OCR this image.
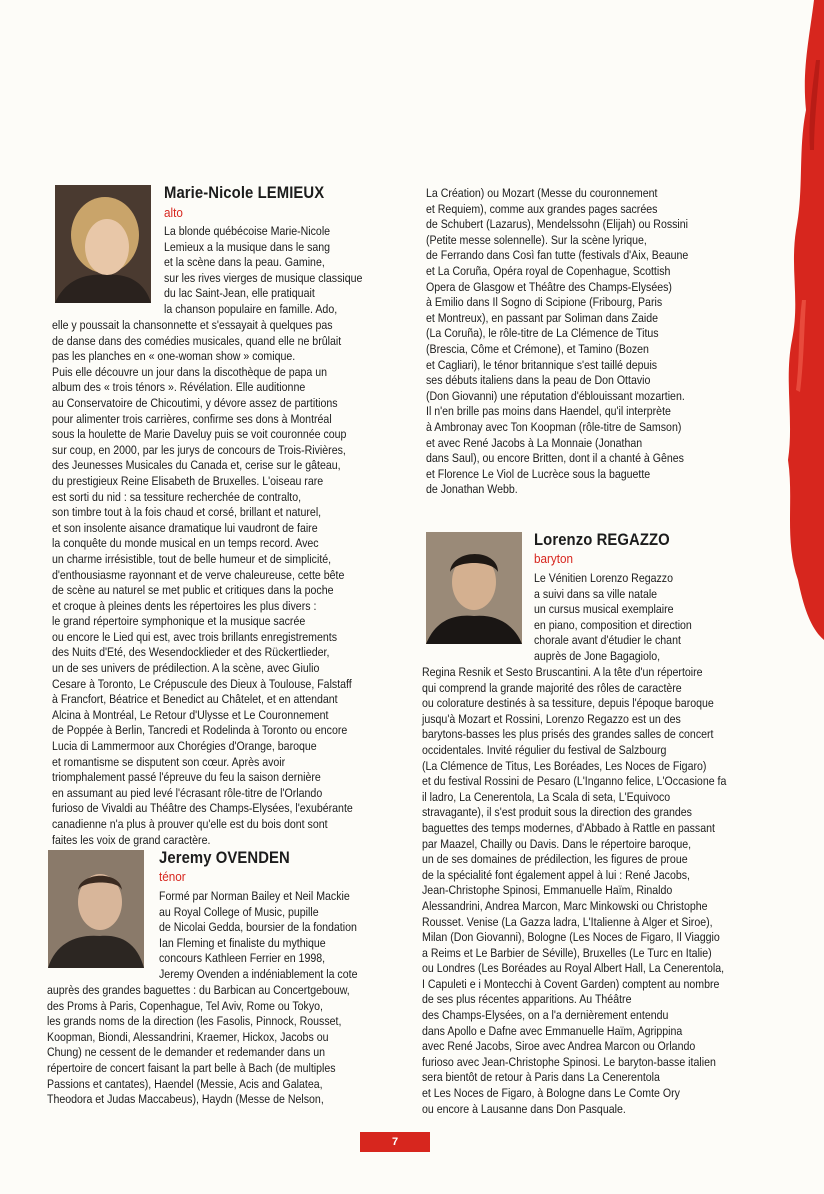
Marie-Nicole LEMIEUX
alto
La blonde québécoise Marie-Nicole
Lemieux a la musique dans le sang
et la scène dans la peau. Gamine,
sur les rives vierges de musique classique
du lac Saint-Jean, elle pratiquait
la chanson populaire en famille. Ado,
elle y poussait la chansonnette et s'essayait à quelques pas
de danse dans des comédies musicales, quand elle ne brûlait
pas les planches en « one-woman show » comique.
Puis elle découvre un jour dans la discothèque de papa un
album des « trois ténors ». Révélation. Elle auditionne
au Conservatoire de Chicoutimi, y dévore assez de partitions
pour alimenter trois carrières, confirme ses dons à Montréal
sous la houlette de Marie Daveluy puis se voit couronnée coup
sur coup, en 2000, par les jurys de concours de Trois-Rivières,
des Jeunesses Musicales du Canada et, cerise sur le gâteau,
du prestigieux Reine Elisabeth de Bruxelles. L'oiseau rare
est sorti du nid : sa tessiture recherchée de contralto,
son timbre tout à la fois chaud et corsé, brillant et naturel,
et son insolente aisance dramatique lui vaudront de faire
la conquête du monde musical en un temps record. Avec
un charme irrésistible, tout de belle humeur et de simplicité,
d'enthousiasme rayonnant et de verve chaleureuse, cette bête
de scène au naturel se met public et critiques dans la poche
et croque à pleines dents les répertoires les plus divers :
le grand répertoire symphonique et la musique sacrée
ou encore le Lied qui est, avec trois brillants enregistrements
des Nuits d'Eté, des Wesendocklieder et des Rückertlieder,
un de ses univers de prédilection. A la scène, avec Giulio
Cesare à Toronto, Le Crépuscule des Dieux à Toulouse, Falstaff
à Francfort, Béatrice et Benedict au Châtelet, et en attendant
Alcina à Montréal, Le Retour d'Ulysse et Le Couronnement
de Poppée à Berlin, Tancredi et Rodelinda à Toronto ou encore
Lucia di Lammermoor aux Chorégies d'Orange, baroque
et romantisme se disputent son cœur. Après avoir
triomphalement passé l'épreuve du feu la saison dernière
en assumant au pied levé l'écrasant rôle-titre de l'Orlando
furioso de Vivaldi au Théâtre des Champs-Elysées, l'exubérante
canadienne n'a plus à prouver qu'elle est du bois dont sont
faites les voix de grand caractère.
Jeremy OVENDEN
ténor
Formé par Norman Bailey et Neil Mackie
au Royal College of Music, pupille
de Nicolai Gedda, boursier de la fondation
Ian Fleming et finaliste du mythique
concours Kathleen Ferrier en 1998,
Jeremy Ovenden a indéniablement la cote
auprès des grandes baguettes : du Barbican au Concertgebouw,
des Proms à Paris, Copenhague, Tel Aviv, Rome ou Tokyo,
les grands noms de la direction (les Fasolis, Pinnock, Rousset,
Koopman, Biondi, Alessandrini, Kraemer, Hickox, Jacobs ou
Chung) ne cessent de le demander et redemander dans un
répertoire de concert faisant la part belle à Bach (de multiples
Passions et cantates), Haendel (Messie, Acis and Galatea,
Theodora et Judas Maccabeus), Haydn (Messe de Nelson,
La Création) ou Mozart (Messe du couronnement
et Requiem), comme aux grandes pages sacrées
de Schubert (Lazarus), Mendelssohn (Elijah) ou Rossini
(Petite messe solennelle). Sur la scène lyrique,
de Ferrando dans Così fan tutte (festivals d'Aix, Beaune
et La Coruña, Opéra royal de Copenhague, Scottish
Opera de Glasgow et Théâtre des Champs-Elysées)
à Emilio dans Il Sogno di Scipione (Fribourg, Paris
et Montreux), en passant par Soliman dans Zaide
(La Coruña), le rôle-titre de La Clémence de Titus
(Brescia, Côme et Crémone), et Tamino (Bozen
et Cagliari), le ténor britannique s'est taillé depuis
ses débuts italiens dans la peau de Don Ottavio
(Don Giovanni) une réputation d'éblouissant mozartien.
Il n'en brille pas moins dans Haendel, qu'il interprète
à Ambronay avec Ton Koopman (rôle-titre de Samson)
et avec René Jacobs à La Monnaie (Jonathan
dans Saul), ou encore Britten, dont il a chanté à Gênes
et Florence Le Viol de Lucrèce sous la baguette
de Jonathan Webb.
Lorenzo REGAZZO
baryton
Le Vénitien Lorenzo Regazzo
a suivi dans sa ville natale
un cursus musical exemplaire
en piano, composition et direction
chorale avant d'étudier le chant
auprès de Jone Bagagiolo,
Regina Resnik et Sesto Bruscantini. A la tête d'un répertoire
qui comprend la grande majorité des rôles de caractère
ou colorature destinés à sa tessiture, depuis l'époque baroque
jusqu'à Mozart et Rossini, Lorenzo Regazzo est un des
barytons-basses les plus prisés des grandes salles de concert
occidentales. Invité régulier du festival de Salzbourg
(La Clémence de Titus, Les Boréades, Les Noces de Figaro)
et du festival Rossini de Pesaro (L'Inganno felice, L'Occasione fa
il ladro, La Cenerentola, La Scala di seta, L'Equivoco
stravagante), il s'est produit sous la direction des grandes
baguettes des temps modernes, d'Abbado à Rattle en passant
par Maazel, Chailly ou Davis. Dans le répertoire baroque,
un de ses domaines de prédilection, les figures de proue
de la spécialité font également appel à lui : René Jacobs,
Jean-Christophe Spinosi, Emmanuelle Haïm, Rinaldo
Alessandrini, Andrea Marcon, Marc Minkowski ou Christophe
Rousset. Venise (La Gazza ladra, L'Italienne à Alger et Siroe),
Milan (Don Giovanni), Bologne (Les Noces de Figaro, Il Viaggio
a Reims et Le Barbier de Séville), Bruxelles (Le Turc en Italie)
ou Londres (Les Boréades au Royal Albert Hall, La Cenerentola,
I Capuleti e i Montecchi à Covent Garden) comptent au nombre
de ses plus récentes apparitions. Au Théâtre
des Champs-Elysées, on a l'a dernièrement entendu
dans Apollo e Dafne avec Emmanuelle Haïm, Agrippina
avec René Jacobs, Siroe avec Andrea Marcon ou Orlando
furioso avec Jean-Christophe Spinosi. Le baryton-basse italien
sera bientôt de retour à Paris dans La Cenerentola
et Les Noces de Figaro, à Bologne dans Le Comte Ory
ou encore à Lausanne dans Don Pasquale.
7
